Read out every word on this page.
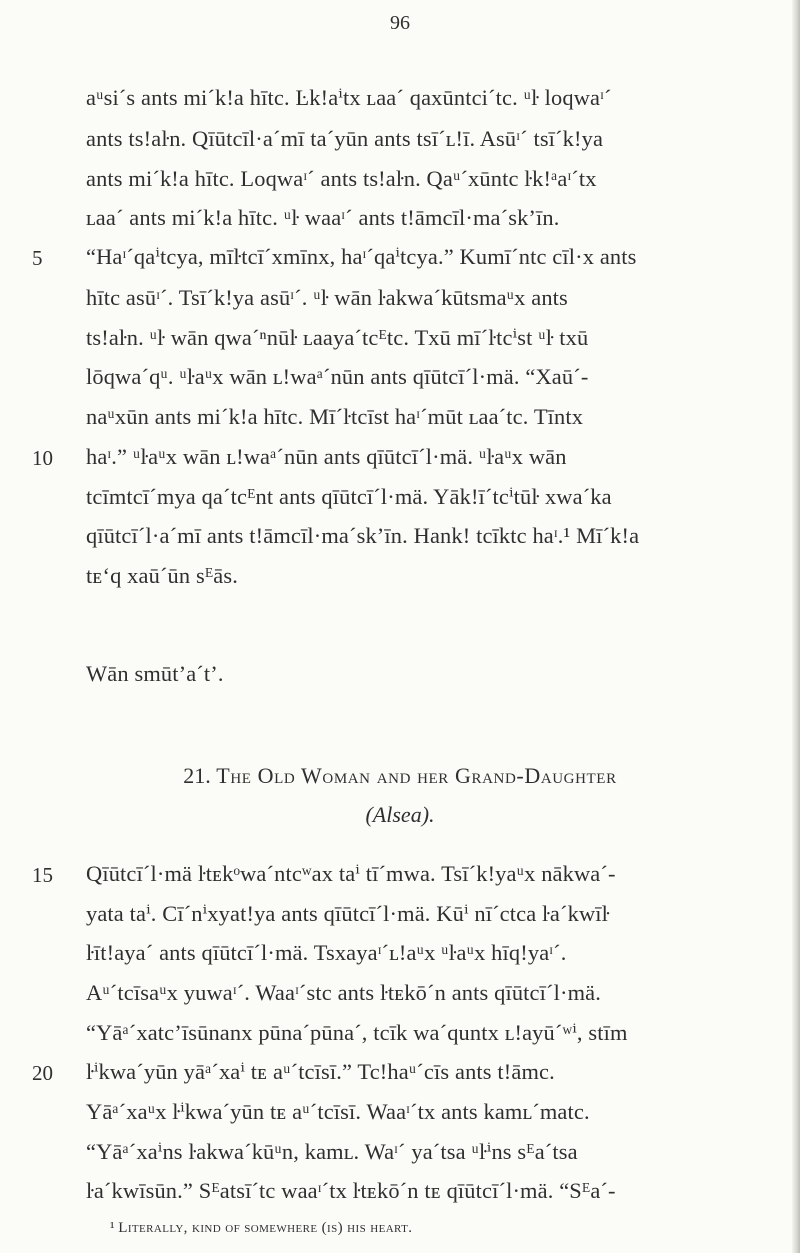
96
aᵘsi´s ants mi´k!a hītc. Ŀk!aⁱtx ʟaa´ qaxūntci´tc. ᵘŀ loqwaᶦ´
ants ts!aŀn. Qīūtcīl·a´mī ta´yūn ants tsī´ʟ!ī. Asūᶦ´ tsī´k!ya
ants mi´k!a hītc. Loqwaᶦ´ ants ts!aŀn. Qaᵘ´xūntc ŀk!ᵃaᶦ´tx
ʟaa´ ants mi´k!a hītc. ᵘŀ waaᶦ´ ants t!āmcīl·ma´sk’īn.
5 “Haᶦ´qaⁱtcya, mīŀtcī´xmīnx, haᶦ´qaⁱtcya.” Kumī´ntc cīl·x ants
hītc asūᶦ´. Tsī´k!ya asūᶦ´. ᵘŀ wān ŀakwa´kūtsmaᵘx ants
ts!aŀn. ᵘŀ wān qwa´ⁿnūŀ ʟaaya´tcᴱtc. Txū mī´ŀtcⁱst ᵘŀ txū
lōqwa´qᵘ. ᵘŀaᵘx wān ʟ!waᵃ´nūn ants qīūtcī´l·mä. “Xaū´-
naᵘxūn ants mi´k!a hītc. Mī´ŀtcīst haᶦ´mūt ʟaa´tc. Tīntx
10 haᶦ.” ᵘŀaᵘx wān ʟ!waᵃ´nūn ants qīūtcī´l·mä. ᵘŀaᵘx wān
tcīmtcī´mya qa´tcᴱnt ants qīūtcī´l·mä. Yāk!ī´tcⁱtūŀ xwa´ka
qīūtcī´l·a´mī ants t!āmcīl·ma´sk’īn. Hank! tcīktc haᶦ.¹ Mī´k!a
tᴇ‘q xaū´ūn sᴱās.
Wān smūt’a´t’.
21. The Old Woman and her Grand-Daughter
(Alsea).
15 Qīūtcī´l·mä ŀtᴇkᵒwa´ntcʷax taⁱ tī´mwa. Tsī´k!yaᵘx nākwa´-
yata taⁱ. Cī´nⁱxyat!ya ants qīūtcī´l·mä. Kūⁱ nī´ctca ŀa´kwīŀ
ŀīt!aya´ ants qīūtcī´l·mä. Tsxayaᶦ´ʟ!aᵘx ᵘŀaᵘx hīq!yaᶦ´.
Aᵘ´tcīsaᵘx yuwaᶦ´. Waaᶦ´stc ants ŀtᴇkō´n ants qīūtcī´l·mä.
“Yāᵃ´xatc’īsūnanx pūna´pūna´, tcīk wa´quntx ʟ!ayū´ʷⁱ, stīm
20 ŀⁱkwa´yūn yāᵃ´xaⁱ tᴇ aᵘ´tcīsī.” Tc!haᵘ´cīs ants t!āmc.
Yāᵃ´xaᵘx ŀⁱkwa´yūn tᴇ aᵘ´tcīsī. Waaᶦ´tx ants kamʟ´matc.
“Yāᵃ´xaⁱns ŀakwa´kūᵘn, kamʟ. Waᶦ´ ya´tsa ᵘŀⁱns sᴱa´tsa
ŀa´kwīsūn.” Sᴱatsī´tc waaᶦ´tx ŀtᴇkō´n tᴇ qīūtcī´l·mä. “Sᴱa´-
¹ Literally, kind of somewhere (is) his heart.
